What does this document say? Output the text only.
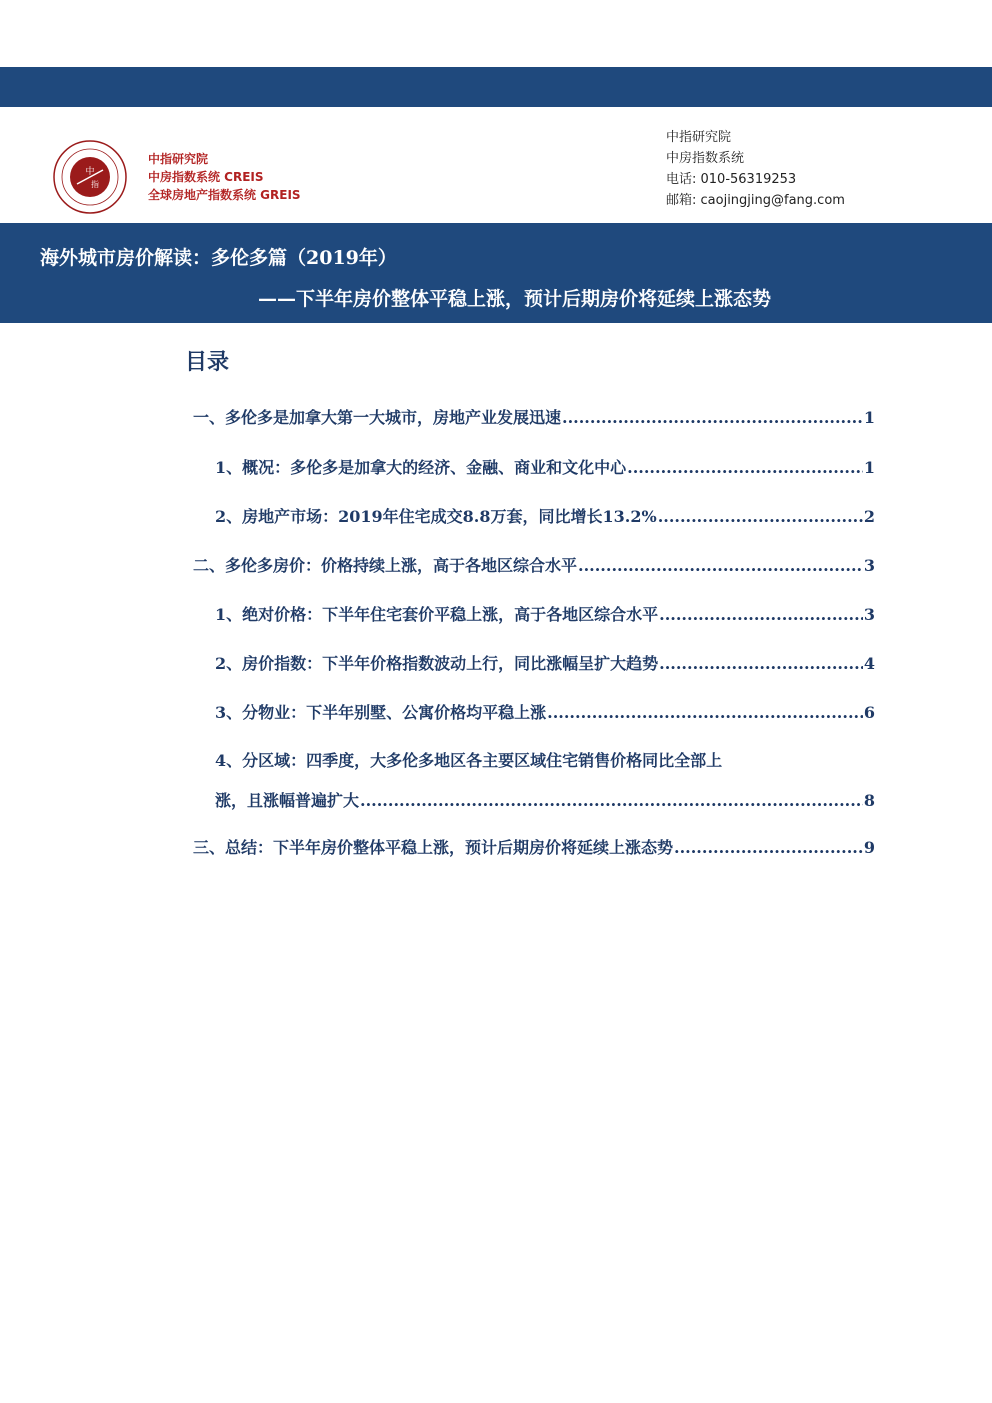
中
指
中指研究院
中房指数系统 CREIS
全球房地产指数系统 GREIS
中指研究院
中房指数系统
电话: 010-56319253
邮箱: caojingjing@fang.com
海外城市房价解读：多伦多篇（2019年）
——下半年房价整体平稳上涨，预计后期房价将延续上涨态势
目录
一、多伦多是加拿大第一大城市，房地产业发展迅速 .....	1
1、概况：多伦多是加拿大的经济、金融、商业和文化中心 .....	1
2、房地产市场：2019年住宅成交8.8万套，同比增长13.2% .....	2
二、多伦多房价：价格持续上涨，高于各地区综合水平 .....	3
1、绝对价格：下半年住宅套价平稳上涨，高于各地区综合水平 .....	3
2、房价指数：下半年价格指数波动上行，同比涨幅呈扩大趋势 .....	4
3、分物业：下半年别墅、公寓价格均平稳上涨 .....	6
4、分区域：四季度，大多伦多地区各主要区域住宅销售价格同比全部上
涨，且涨幅普遍扩大 .....	8
三、总结：下半年房价整体平稳上涨，预计后期房价将延续上涨态势 .....	9
